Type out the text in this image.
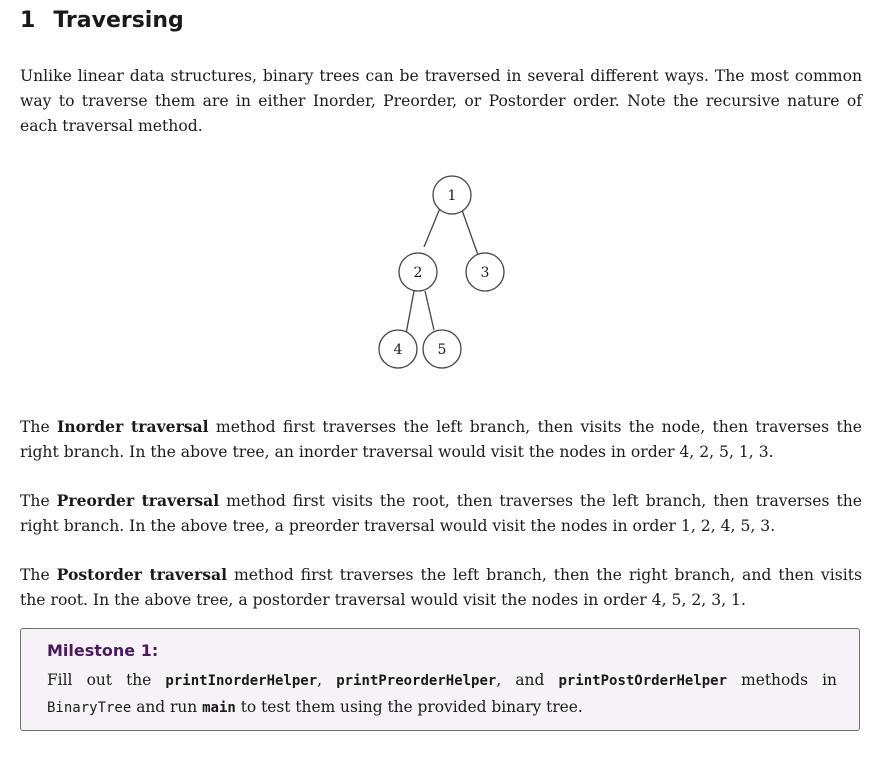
1 Traversing

Unlike linear data structures, binary trees can be traversed in several different ways. The most common way to traverse them are in either Inorder, Preorder, or Postorder order. Note the recursive nature of each traversal method.

1
2	3
4	5

The Inorder traversal method first traverses the left branch, then visits the node, then traverses the right branch. In the above tree, an inorder traversal would visit the nodes in order 4, 2, 5, 1, 3.

The Preorder traversal method first visits the root, then traverses the left branch, then traverses the right branch. In the above tree, a preorder traversal would visit the nodes in order 1, 2, 4, 5, 3.

The Postorder traversal method first traverses the left branch, then the right branch, and then visits the root. In the above tree, a postorder traversal would visit the nodes in order 4, 5, 2, 3, 1.

Milestone 1:

Fill out the printInorderHelper, printPreorderHelper, and printPostOrderHelper methods in BinaryTree and run main to test them using the provided binary tree.
